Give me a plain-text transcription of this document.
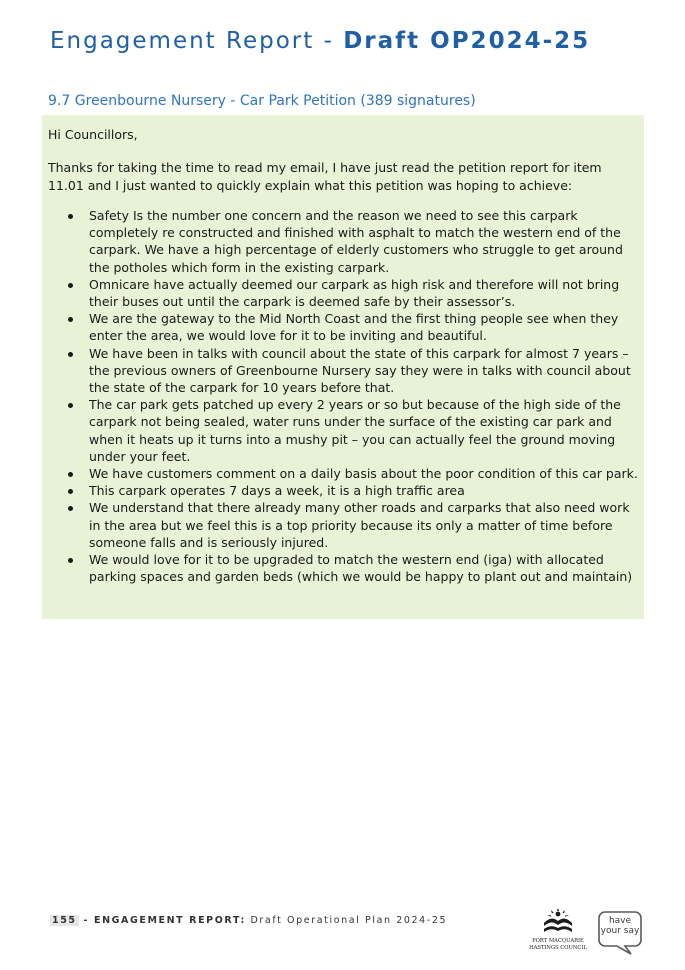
Engagement Report - Draft OP2024-25
9.7 Greenbourne Nursery - Car Park Petition (389 signatures)
Hi Councillors,
Thanks for taking the time to read my email, I have just read the petition report for item 11.01 and I just wanted to quickly explain what this petition was hoping to achieve:
Safety Is the number one concern and the reason we need to see this carpark completely re constructed and finished with asphalt to match the western end of the carpark. We have a high percentage of elderly customers who struggle to get around the potholes which form in the existing carpark.
Omnicare have actually deemed our carpark as high risk and therefore will not bring their buses out until the carpark is deemed safe by their assessor’s.
We are the gateway to the Mid North Coast and the first thing people see when they enter the area, we would love for it to be inviting and beautiful.
We have been in talks with council about the state of this carpark for almost 7 years – the previous owners of Greenbourne Nursery say they were in talks with council about the state of the carpark for 10 years before that.
The car park gets patched up every 2 years or so but because of the high side of the carpark not being sealed, water runs under the surface of the existing car park and when it heats up it turns into a mushy pit – you can actually feel the ground moving under your feet.
We have customers comment on a daily basis about the poor condition of this car park.
This carpark operates 7 days a week, it is a high traffic area
We understand that there already many other roads and carparks that also need work in the area but we feel this is a top priority because its only a matter of time before someone falls and is seriously injured.
We would love for it to be upgraded to match the western end (iga) with allocated parking spaces and garden beds (which we would be happy to plant out and maintain)
155 - ENGAGEMENT REPORT: Draft Operational Plan 2024-25
PORT MACQUARIE
HASTINGS COUNCIL
have
your say
